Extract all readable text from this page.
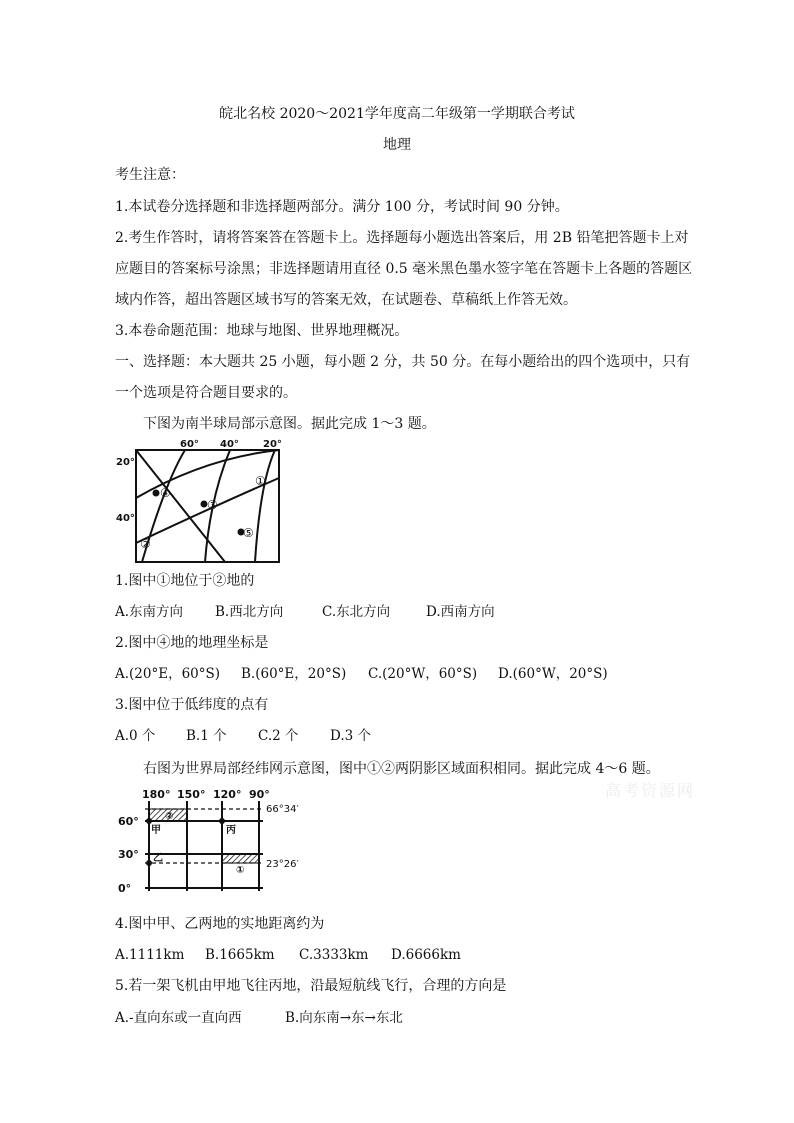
皖北名校 2020～2021学年度高二年级第一学期联合考试
地理
考生注意：
1.本试卷分选择题和非选择题两部分。满分 100 分，考试时间 90 分钟。
2.考生作答时，请将答案答在答题卡上。选择题每小题选出答案后，用 2B 铅笔把答题卡上对
应题目的答案标号涂黑；非选择题请用直径 0.5 毫米黑色墨水签字笔在答题卡上各题的答题区
域内作答，超出答题区域书写的答案无效，在试题卷、草稿纸上作答无效。
3.本卷命题范围：地球与地图、世界地理概况。
一、选择题：本大题共 25 小题，每小题 2 分，共 50 分。在每小题给出的四个选项中，只有
一个选项是符合题目要求的。
下图为南半球局部示意图。据此完成 1～3 题。
60° 40° 20°
20°
40°
①
②
③
④
⑤
1.图中①地位于②地的
A.东南方向 B.西北方向	C.东北方向	D.西南方向
2.图中④地的地理坐标是
A.(20°E，60°S) B.(60°E，20°S) C.(20°W，60°S) D.(60°W，20°S)
3.图中位于低纬度的点有
A.0 个 B.1 个 C.2 个 D.3 个
右图为世界局部经纬网示意图，图中①②两阴影区域面积相同。据此完成 4～6 题。
高考资源网
180° 150° 120° 90°
60°
30°
0°
66°34′
23°26′
甲
乙
丙
①
②
4.图中甲、乙两地的实地距离约为
A.1111km B.1665km C.3333km D.6666km
5.若一架飞机由甲地飞往丙地，沿最短航线飞行，合理的方向是
A.-直向东或一直向西	B.向东南→东→东北
